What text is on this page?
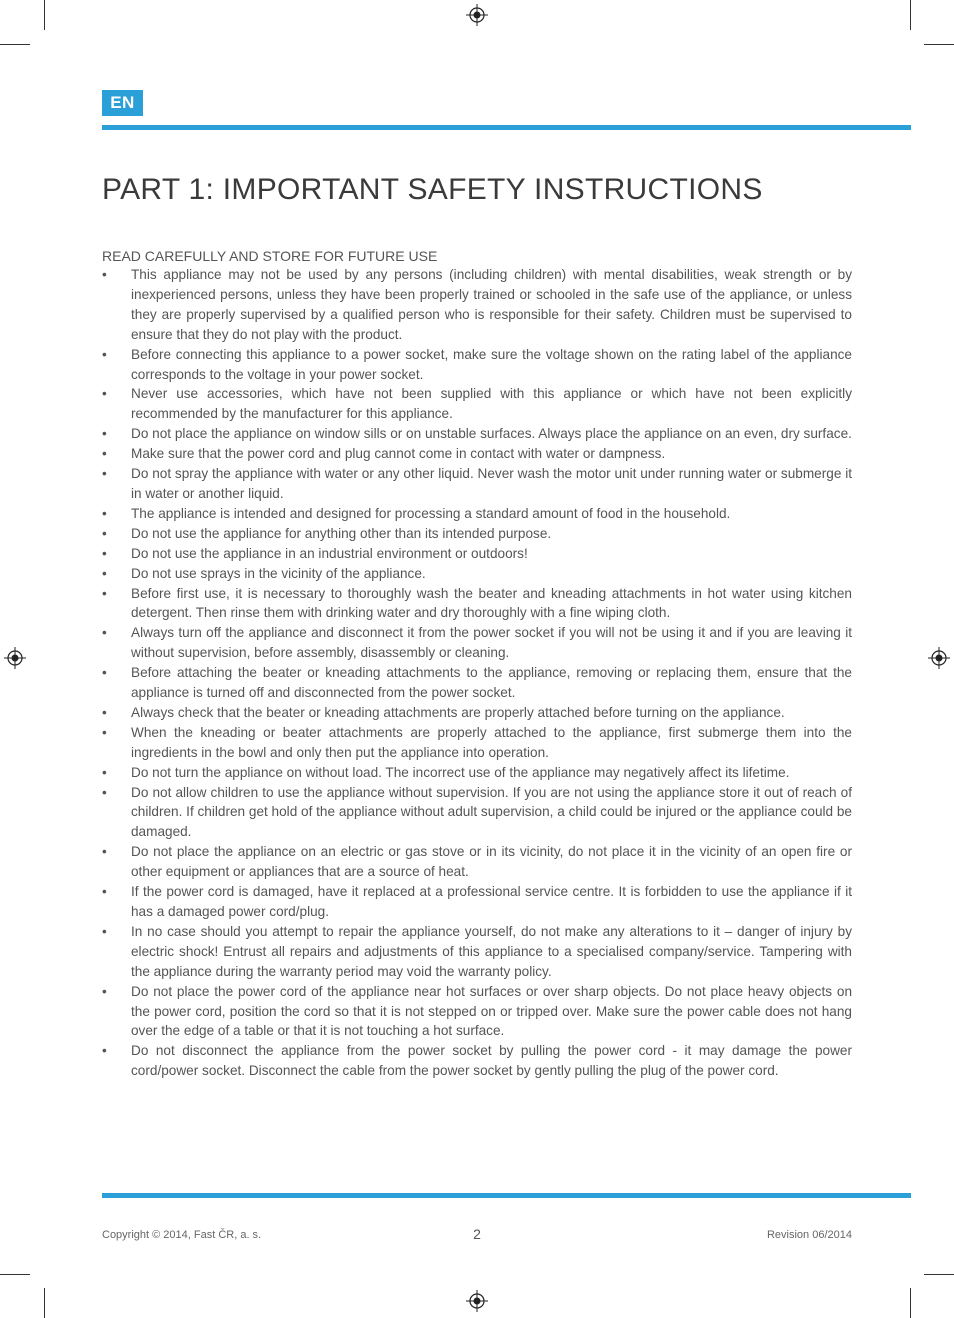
EN
PART 1: IMPORTANT SAFETY INSTRUCTIONS
READ CAREFULLY AND STORE FOR FUTURE USE
•	This appliance may not be used by any persons (including children) with mental disabilities, weak strength or by inexperienced persons, unless they have been properly trained or schooled in the safe use of the appliance, or unless they are properly supervised by a qualified person who is responsible for their safety. Children must be supervised to ensure that they do not play with the product.
•	Before connecting this appliance to a power socket, make sure the voltage shown on the rating label of the appliance corresponds to the voltage in your power socket.
•	Never use accessories, which have not been supplied with this appliance or which have not been explicitly recommended by the manufacturer for this appliance.
•	Do not place the appliance on window sills or on unstable surfaces. Always place the appliance on an even, dry surface.
•	Make sure that the power cord and plug cannot come in contact with water or dampness.
•	Do not spray the appliance with water or any other liquid. Never wash the motor unit under running water or submerge it in water or another liquid.
•	The appliance is intended and designed for processing a standard amount of food in the household.
•	Do not use the appliance for anything other than its intended purpose.
•	Do not use the appliance in an industrial environment or outdoors!
•	Do not use sprays in the vicinity of the appliance.
•	Before first use, it is necessary to thoroughly wash the beater and kneading attachments in hot water using kitchen detergent. Then rinse them with drinking water and dry thoroughly with a fine wiping cloth.
•	Always turn off the appliance and disconnect it from the power socket if you will not be using it and if you are leaving it without supervision, before assembly, disassembly or cleaning.
•	Before attaching the beater or kneading attachments to the appliance, removing or replacing them, ensure that the appliance is turned off and disconnected from the power socket.
•	Always check that the beater or kneading attachments are properly attached before turning on the appliance.
•	When the kneading or beater attachments are properly attached to the appliance, first submerge them into the ingredients in the bowl and only then put the appliance into operation.
•	Do not turn the appliance on without load. The incorrect use of the appliance may negatively affect its lifetime.
•	Do not allow children to use the appliance without supervision. If you are not using the appliance store it out of reach of children. If children get hold of the appliance without adult supervision, a child could be injured or the appliance could be damaged.
•	Do not place the appliance on an electric or gas stove or in its vicinity, do not place it in the vicinity of an open fire or other equipment or appliances that are a source of heat.
•	If the power cord is damaged, have it replaced at a professional service centre. It is forbidden to use the appliance if it has a damaged power cord/plug.
•	In no case should you attempt to repair the appliance yourself, do not make any alterations to it – danger of injury by electric shock! Entrust all repairs and adjustments of this appliance to a specialised company/service. Tampering with the appliance during the warranty period may void the warranty policy.
•	Do not place the power cord of the appliance near hot surfaces or over sharp objects. Do not place heavy objects on the power cord, position the cord so that it is not stepped on or tripped over. Make sure the power cable does not hang over the edge of a table or that it is not touching a hot surface.
•	Do not disconnect the appliance from the power socket by pulling the power cord - it may damage the power cord/power socket. Disconnect the cable from the power socket by gently pulling the plug of the power cord.
Copyright © 2014, Fast ČR, a. s.	2	Revision 06/2014
